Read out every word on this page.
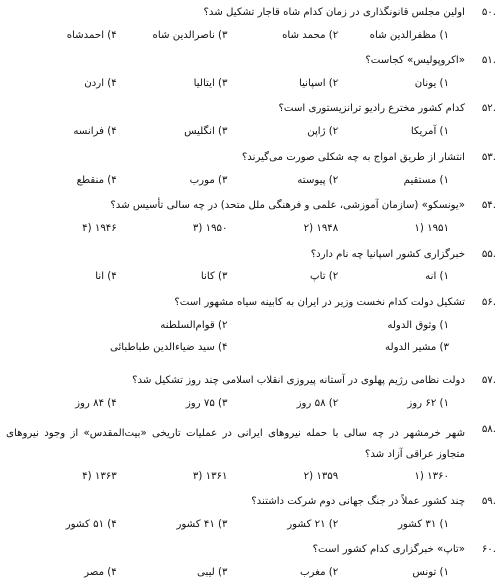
۵۰.
اولین مجلس قانونگذاری در زمان کدام شاه قاجار تشکیل شد؟
۱) مظفرالدین شاه
۲) محمد شاه
۳) ناصرالدین شاه
۴) احمدشاه
۵۱.
«اکروپولیس» کجاست؟
۱) یونان
۲) اسپانیا
۳) ایتالیا
۴) اردن
۵۲.
کدام کشور مخترع رادیو ترانزیستوری است؟
۱) آمریکا
۲) ژاپن
۳) انگلیس
۴) فرانسه
۵۳.
انتشار از طریق امواج به چه شکلی صورت می‌گیرند؟
۱) مستقیم
۲) پیوسته
۳) مورب
۴) منقطع
۵۴.
«یونسکو» (سازمان آموزشی، علمی و فرهنگی ملل متحد) در چه سالی تأسیس شد؟
۱) ۱۹۵۱
۲) ۱۹۴۸
۳) ۱۹۵۰
۴) ۱۹۴۶
۵۵.
خبرگزاری کشور اسپانیا چه نام دارد؟
۱) انه
۲) تاپ
۳) کانا
۴) انا
۵۶.
تشکیل دولت کدام نخست وزیر در ایران به کابینه سیاه مشهور است؟
۱) وثوق الدوله
۲) قوام‌السلطنه
۳) مشیر الدوله
۴) سید ضیاءالدین طباطبائی
۵۷.
دولت نظامی رژیم پهلوی در آستانه پیروزی انقلاب اسلامی چند روز تشکیل شد؟
۱) ۶۲ روز
۲) ۵۸ روز
۳) ۷۵ روز
۴) ۸۴ روز
۵۸.
شهر خرمشهر در چه سالی با حمله نیروهای ایرانی در عملیات تاریخی «بیت‌المقدس» از وجود نیروهای متجاوز عراقی آزاد شد؟
۱) ۱۳۶۰
۲) ۱۳۵۹
۳) ۱۳۶۱
۴) ۱۳۶۳
۵۹.
چند کشور عملاً در جنگ جهانی دوم شرکت داشتند؟
۱) ۳۱ کشور
۲) ۲۱ کشور
۳) ۴۱ کشور
۴) ۵۱ کشور
۶۰.
«تاپ» خبرگزاری کدام کشور است؟
۱) تونس
۲) مغرب
۳) لیبی
۴) مصر
